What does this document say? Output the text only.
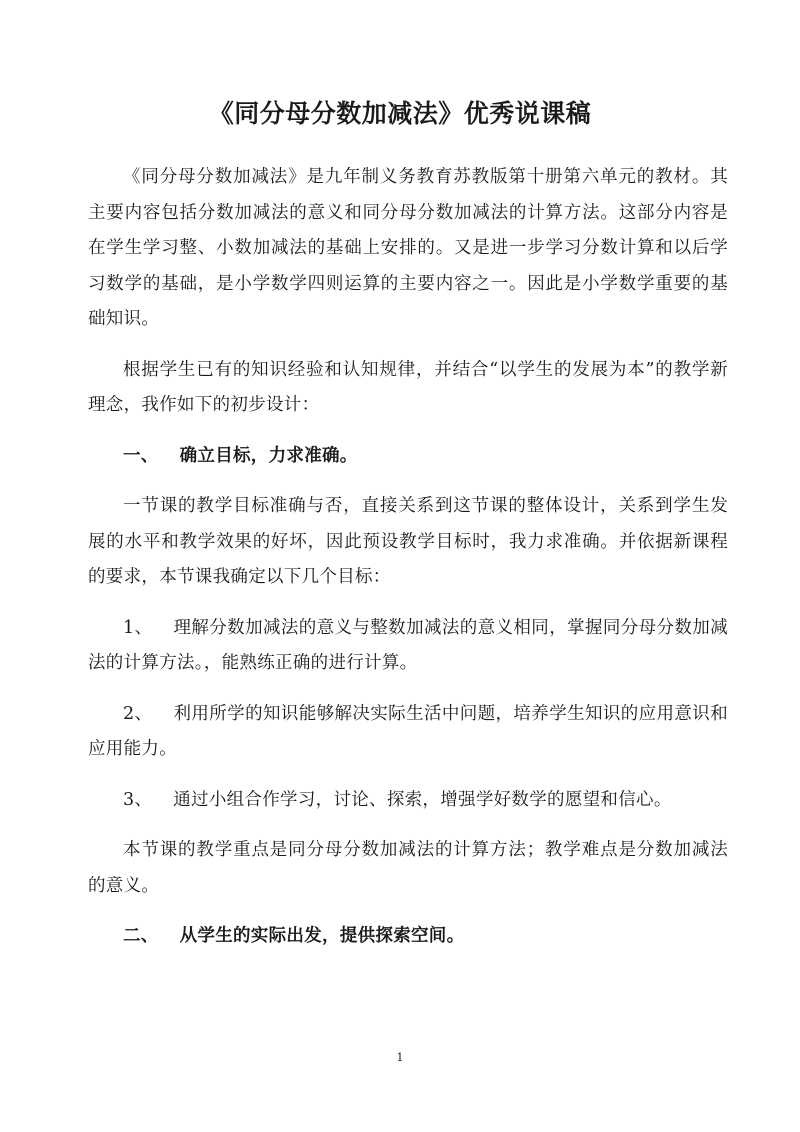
《同分母分数加减法》优秀说课稿

《同分母分数加减法》是九年制义务教育苏教版第十册第六单元的教材。其主要内容包括分数加减法的意义和同分母分数加减法的计算方法。这部分内容是在学生学习整、小数加减法的基础上安排的。又是进一步学习分数计算和以后学习数学的基础，是小学数学四则运算的主要内容之一。因此是小学数学重要的基础知识。

根据学生已有的知识经验和认知规律，并结合“以学生的发展为本”的教学新理念，我作如下的初步设计：

一、 确立目标，力求准确。

一节课的教学目标准确与否，直接关系到这节课的整体设计，关系到学生发展的水平和教学效果的好坏，因此预设教学目标时，我力求准确。并依据新课程的要求，本节课我确定以下几个目标：

1、 理解分数加减法的意义与整数加减法的意义相同，掌握同分母分数加减法的计算方法。，能熟练正确的进行计算。

2、 利用所学的知识能够解决实际生活中问题，培养学生知识的应用意识和应用能力。

3、 通过小组合作学习，讨论、探索，增强学好数学的愿望和信心。

本节课的教学重点是同分母分数加减法的计算方法；教学难点是分数加减法的意义。

二、 从学生的实际出发，提供探索空间。

1
